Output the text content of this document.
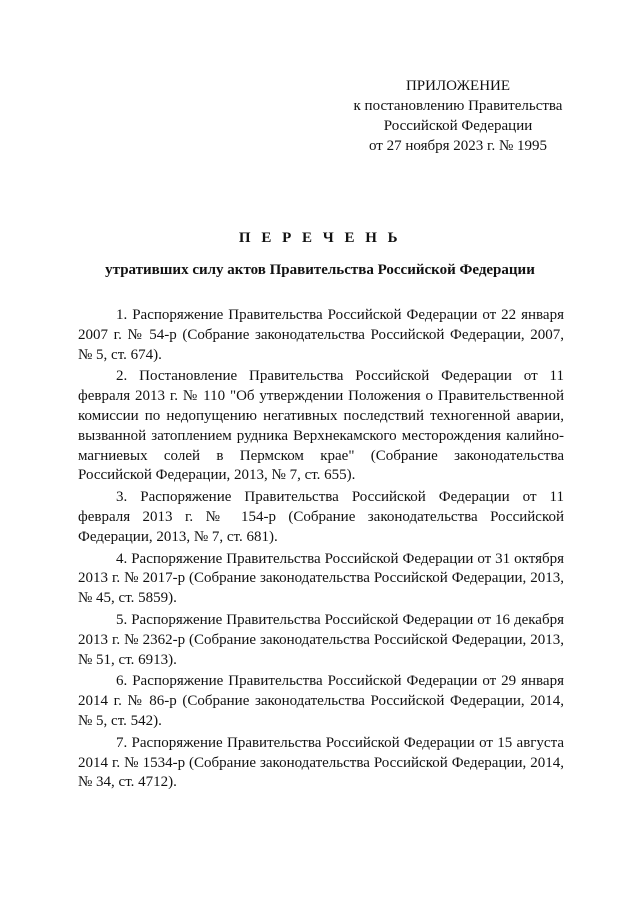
ПРИЛОЖЕНИЕ
к постановлению Правительства
Российской Федерации
от 27 ноября 2023 г. № 1995
П Е Р Е Ч Е Н Ь
утративших силу актов Правительства Российской Федерации

1. Распоряжение Правительства Российской Федерации от 22 января 2007 г. № 54-р (Собрание законодательства Российской Федерации, 2007, № 5, ст. 674).

2. Постановление Правительства Российской Федерации от 11 февраля 2013 г. № 110 "Об утверждении Положения о Правительственной комиссии по недопущению негативных последствий техногенной аварии, вызванной затоплением рудника Верхнекамского месторождения калийно-магниевых солей в Пермском крае" (Собрание законодательства Российской Федерации, 2013, № 7, ст. 655).

3. Распоряжение Правительства Российской Федерации от 11 февраля 2013 г. № 154-р (Собрание законодательства Российской Федерации, 2013, № 7, ст. 681).

4. Распоряжение Правительства Российской Федерации от 31 октября 2013 г. № 2017-р (Собрание законодательства Российской Федерации, 2013, № 45, ст. 5859).

5. Распоряжение Правительства Российской Федерации от 16 декабря 2013 г. № 2362-р (Собрание законодательства Российской Федерации, 2013, № 51, ст. 6913).

6. Распоряжение Правительства Российской Федерации от 29 января 2014 г. № 86-р (Собрание законодательства Российской Федерации, 2014, № 5, ст. 542).

7. Распоряжение Правительства Российской Федерации от 15 августа 2014 г. № 1534-р (Собрание законодательства Российской Федерации, 2014, № 34, ст. 4712).
